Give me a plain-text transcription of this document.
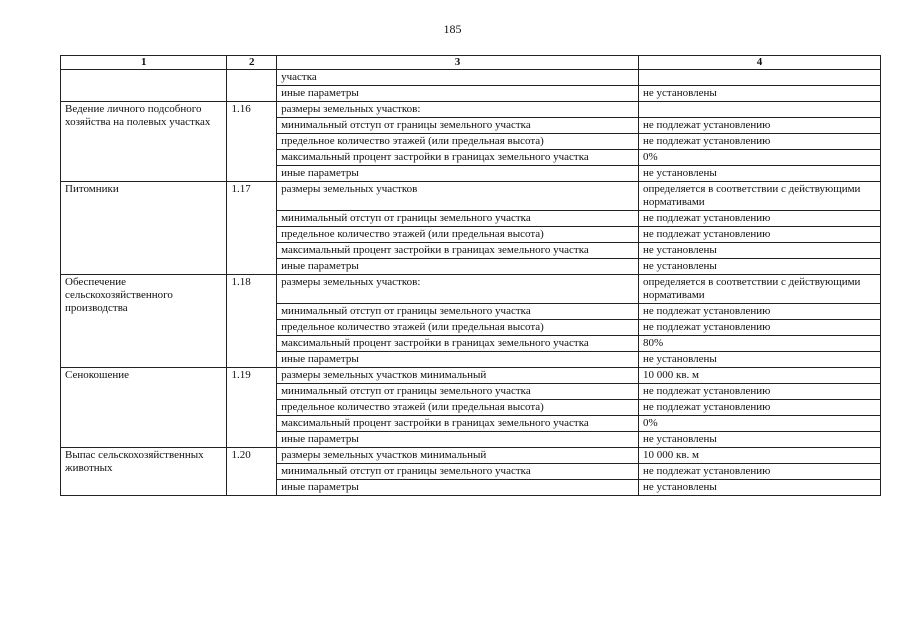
185
1	2	3	4
		участка	
		иные параметры	не установлены
Ведение личного подсобного хозяйства на полевых участках	1.16	размеры земельных участков:	
		минимальный отступ от границы земельного участка	не подлежат установлению
		предельное количество этажей (или предельная высота)	не подлежат установлению
		максимальный процент застройки в границах земельного участка	0%
		иные параметры	не установлены
Питомники	1.17	размеры земельных участков	определяется в соответствии с действующими нормативами
		минимальный отступ от границы земельного участка	не подлежат установлению
		предельное количество этажей (или предельная высота)	не подлежат установлению
		максимальный процент застройки в границах земельного участка	не установлены
		иные параметры	не установлены
Обеспечение сельскохозяйственного производства	1.18	размеры земельных участков:	определяется в соответствии с действующими нормативами
		минимальный отступ от границы земельного участка	не подлежат установлению
		предельное количество этажей (или предельная высота)	не подлежат установлению
		максимальный процент застройки в границах земельного участка	80%
		иные параметры	не установлены
Сенокошение	1.19	размеры земельных участков минимальный	10 000 кв. м
		минимальный отступ от границы земельного участка	не подлежат установлению
		предельное количество этажей (или предельная высота)	не подлежат установлению
		максимальный процент застройки в границах земельного участка	0%
		иные параметры	не установлены
Выпас сельскохозяйственных животных	1.20	размеры земельных участков минимальный	10 000 кв. м
		минимальный отступ от границы земельного участка	не подлежат установлению
		иные параметры	не установлены
